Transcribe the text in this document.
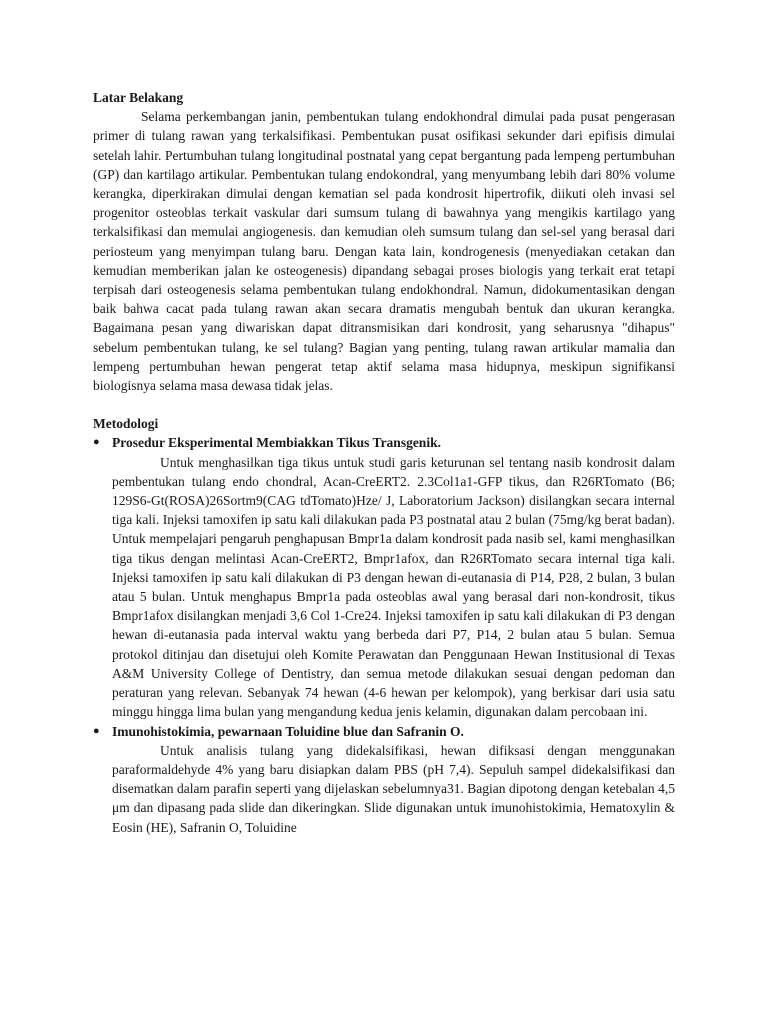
Latar Belakang

Selama perkembangan janin, pembentukan tulang endokhondral dimulai pada pusat pengerasan primer di tulang rawan yang terkalsifikasi. Pembentukan pusat osifikasi sekunder dari epifisis dimulai setelah lahir. Pertumbuhan tulang longitudinal postnatal yang cepat bergantung pada lempeng pertumbuhan (GP) dan kartilago artikular. Pembentukan tulang endokondral, yang menyumbang lebih dari 80% volume kerangka, diperkirakan dimulai dengan kematian sel pada kondrosit hipertrofik, diikuti oleh invasi sel progenitor osteoblas terkait vaskular dari sumsum tulang di bawahnya yang mengikis kartilago yang terkalsifikasi dan memulai angiogenesis. dan kemudian oleh sumsum tulang dan sel-sel yang berasal dari periosteum yang menyimpan tulang baru. Dengan kata lain, kondrogenesis (menyediakan cetakan dan kemudian memberikan jalan ke osteogenesis) dipandang sebagai proses biologis yang terkait erat tetapi terpisah dari osteogenesis selama pembentukan tulang endokhondral. Namun, didokumentasikan dengan baik bahwa cacat pada tulang rawan akan secara dramatis mengubah bentuk dan ukuran kerangka. Bagaimana pesan yang diwariskan dapat ditransmisikan dari kondrosit, yang seharusnya "dihapus" sebelum pembentukan tulang, ke sel tulang? Bagian yang penting, tulang rawan artikular mamalia dan lempeng pertumbuhan hewan pengerat tetap aktif selama masa hidupnya, meskipun signifikansi biologisnya selama masa dewasa tidak jelas.

Metodologi

● Prosedur Eksperimental Membiakkan Tikus Transgenik.

Untuk menghasilkan tiga tikus untuk studi garis keturunan sel tentang nasib kondrosit dalam pembentukan tulang endo chondral, Acan-CreERT2. 2.3Col1a1-GFP tikus, dan R26RTomato (B6; 129S6-Gt(ROSA)26Sortm9(CAG tdTomato)Hze/ J, Laboratorium Jackson) disilangkan secara internal tiga kali. Injeksi tamoxifen ip satu kali dilakukan pada P3 postnatal atau 2 bulan (75mg/kg berat badan). Untuk mempelajari pengaruh penghapusan Bmpr1a dalam kondrosit pada nasib sel, kami menghasilkan tiga tikus dengan melintasi Acan-CreERT2, Bmpr1afox, dan R26RTomato secara internal tiga kali. Injeksi tamoxifen ip satu kali dilakukan di P3 dengan hewan di-eutanasia di P14, P28, 2 bulan, 3 bulan atau 5 bulan. Untuk menghapus Bmpr1a pada osteoblas awal yang berasal dari non-kondrosit, tikus Bmpr1afox disilangkan menjadi 3,6 Col 1-Cre24. Injeksi tamoxifen ip satu kali dilakukan di P3 dengan hewan di-eutanasia pada interval waktu yang berbeda dari P7, P14, 2 bulan atau 5 bulan. Semua protokol ditinjau dan disetujui oleh Komite Perawatan dan Penggunaan Hewan Institusional di Texas A&M University College of Dentistry, dan semua metode dilakukan sesuai dengan pedoman dan peraturan yang relevan. Sebanyak 74 hewan (4-6 hewan per kelompok), yang berkisar dari usia satu minggu hingga lima bulan yang mengandung kedua jenis kelamin, digunakan dalam percobaan ini.

● Imunohistokimia, pewarnaan Toluidine blue dan Safranin O.

Untuk analisis tulang yang didekalsifikasi, hewan difiksasi dengan menggunakan paraformaldehyde 4% yang baru disiapkan dalam PBS (pH 7,4). Sepuluh sampel didekalsifikasi dan disematkan dalam parafin seperti yang dijelaskan sebelumnya31. Bagian dipotong dengan ketebalan 4,5 μm dan dipasang pada slide dan dikeringkan. Slide digunakan untuk imunohistokimia, Hematoxylin & Eosin (HE), Safranin O, Toluidine
